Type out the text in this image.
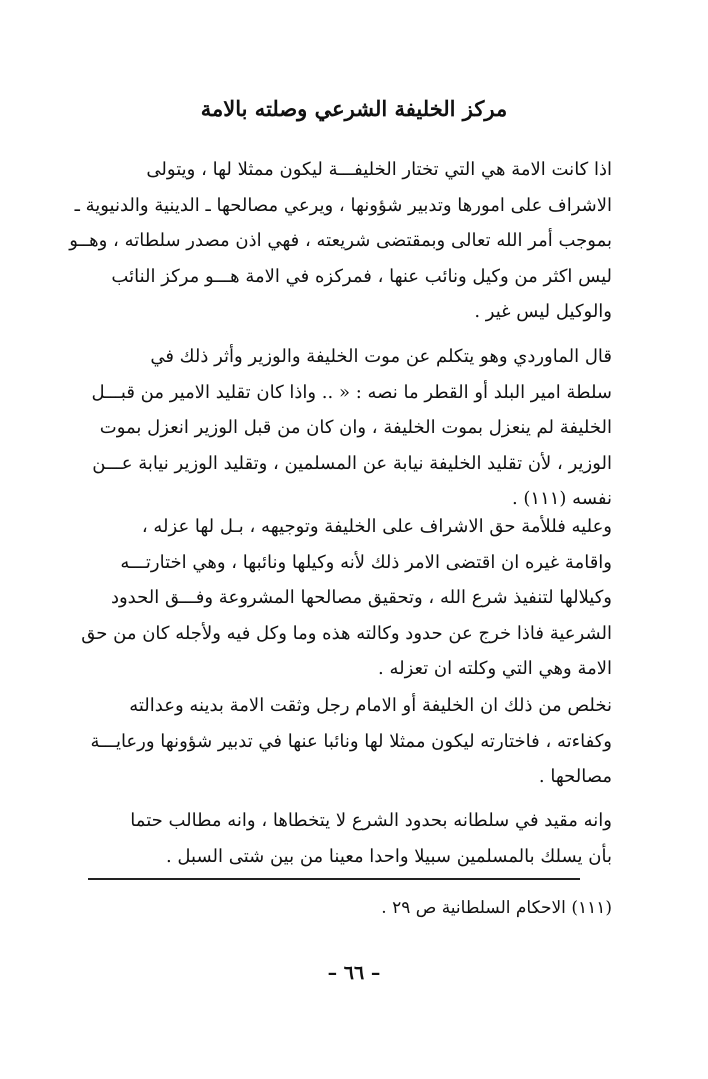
مركز الخليفة الشرعي وصلته بالامة
اذا كانت الامة هي التي تختار الخليفـــة ليكون ممثلا لها ، ويتولى
الاشراف على امورها وتدبير شؤونها ، ويرعي مصالحها ـ الدينية والدنيوية ـ
بموجب أمر الله تعالى وبمقتضى شريعته ، فهي اذن مصدر سلطاته ، وهــو
ليس اكثر من وكيل ونائب عنها ، فمركزه في الامة هـــو مركز النائب
والوكيل ليس غير .
قال الماوردي وهو يتكلم عن موت الخليفة والوزير وأثر ذلك في
سلطة امير البلد أو القطر ما نصه : « .. واذا كان تقليد الامير من قبـــل
الخليفة لم ينعزل بموت الخليفة ، وان كان من قبل الوزير انعزل بموت
الوزير ، لأن تقليد الخليفة نيابة عن المسلمين ، وتقليد الوزير نيابة عـــن
نفسه (١١١) .
وعليه فللأمة حق الاشراف على الخليفة وتوجيهه ، بـل لها عزله ،
واقامة غيره ان اقتضى الامر ذلك لأنه وكيلها ونائبها ، وهي اختارتـــه
وكيلالها لتنفيذ شرع الله ، وتحقيق مصالحها المشروعة وفـــق الحدود
الشرعية فاذا خرج عن حدود وكالته هذه وما وكل فيه ولأجله كان من حق
الامة وهي التي وكلته ان تعزله .
نخلص من ذلك ان الخليفة أو الامام رجل وثقت الامة بدينه وعدالته
وكفاءته ، فاختارته ليكون ممثلا لها ونائبا عنها في تدبير شؤونها ورعايـــة
مصالحها .
وانه مقيد في سلطانه بحدود الشرع لا يتخطاها ، وانه مطالب حتما
بأن يسلك بالمسلمين سبيلا واحدا معينا من بين شتى السبل .
(١١١) الاحكام السلطانية ص ٢٩ .
– ٦٦ –
